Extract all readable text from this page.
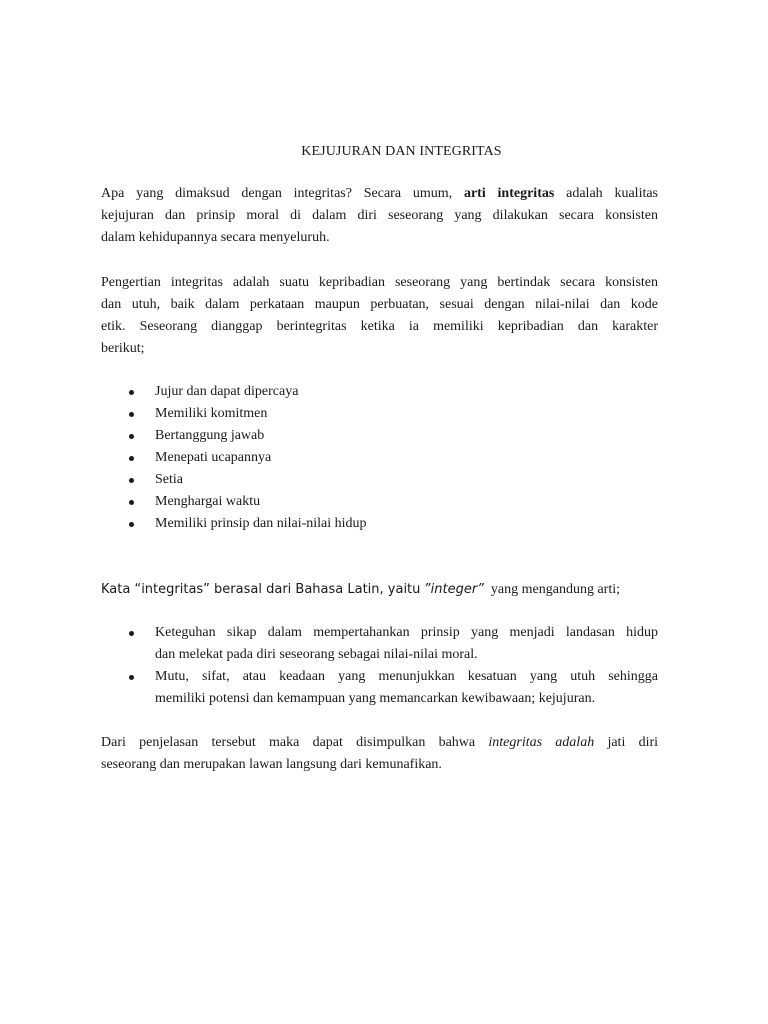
KEJUJURAN DAN INTEGRITAS

Apa yang dimaksud dengan integritas? Secara umum, arti integritas adalah kualitas
kejujuran dan prinsip moral di dalam diri seseorang yang dilakukan secara konsisten
dalam kehidupannya secara menyeluruh.

Pengertian integritas adalah suatu kepribadian seseorang yang bertindak secara konsisten
dan utuh, baik dalam perkataan maupun perbuatan, sesuai dengan nilai-nilai dan kode
etik. Seseorang dianggap berintegritas ketika ia memiliki kepribadian dan karakter
berikut;

Jujur dan dapat dipercaya
Memiliki komitmen
Bertanggung jawab
Menepati ucapannya
Setia
Menghargai waktu
Memiliki prinsip dan nilai-nilai hidup

Kata “integritas” berasal dari Bahasa Latin, yaitu ”integer” yang mengandung arti;

Keteguhan sikap dalam mempertahankan prinsip yang menjadi landasan hidup
dan melekat pada diri seseorang sebagai nilai-nilai moral.
Mutu, sifat, atau keadaan yang menunjukkan kesatuan yang utuh sehingga
memiliki potensi dan kemampuan yang memancarkan kewibawaan; kejujuran.

Dari penjelasan tersebut maka dapat disimpulkan bahwa integritas adalah jati diri
seseorang dan merupakan lawan langsung dari kemunafikan.
